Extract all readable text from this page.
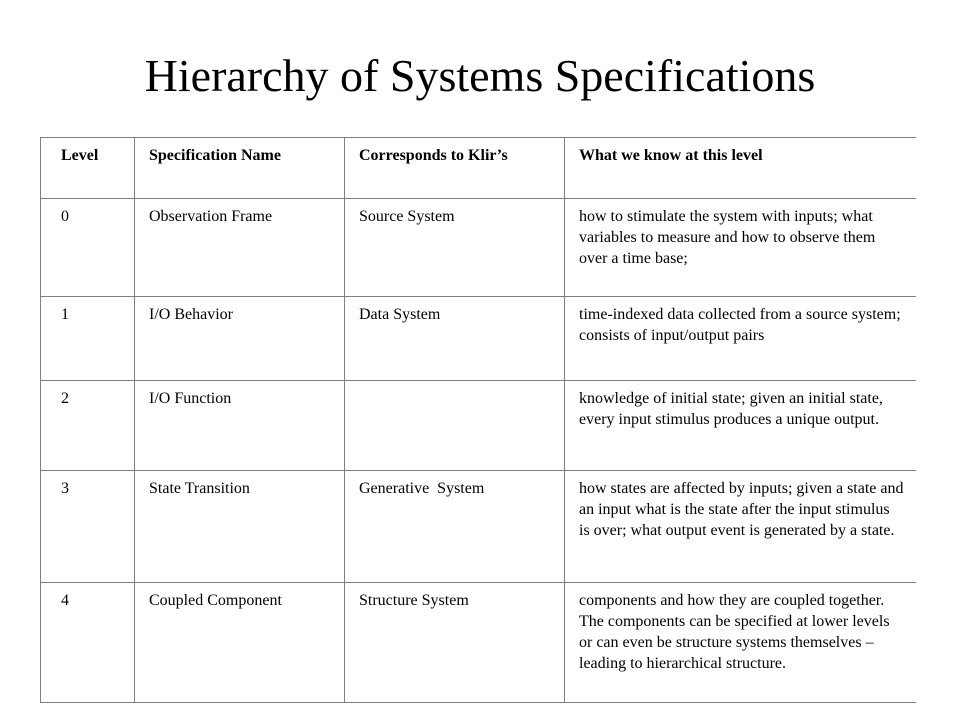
Hierarchy of Systems Specifications
Level	Specification Name	Corresponds to Klir’s	What we know at this level
0	Observation Frame	Source System	how to stimulate the system with inputs; what variables to measure and how to observe them over a time base;
1	I/O Behavior	Data System	time-indexed data collected from a source system; consists of input/output pairs
2	I/O Function		knowledge of initial state; given an initial state, every input stimulus produces a unique output.
3	State Transition	Generative  System	how states are affected by inputs; given a state and an input what is the state after the input stimulus is over; what output event is generated by a state.
4	Coupled Component	Structure System	components and how they are coupled together. The components can be specified at lower levels or can even be structure systems themselves – leading to hierarchical structure.
